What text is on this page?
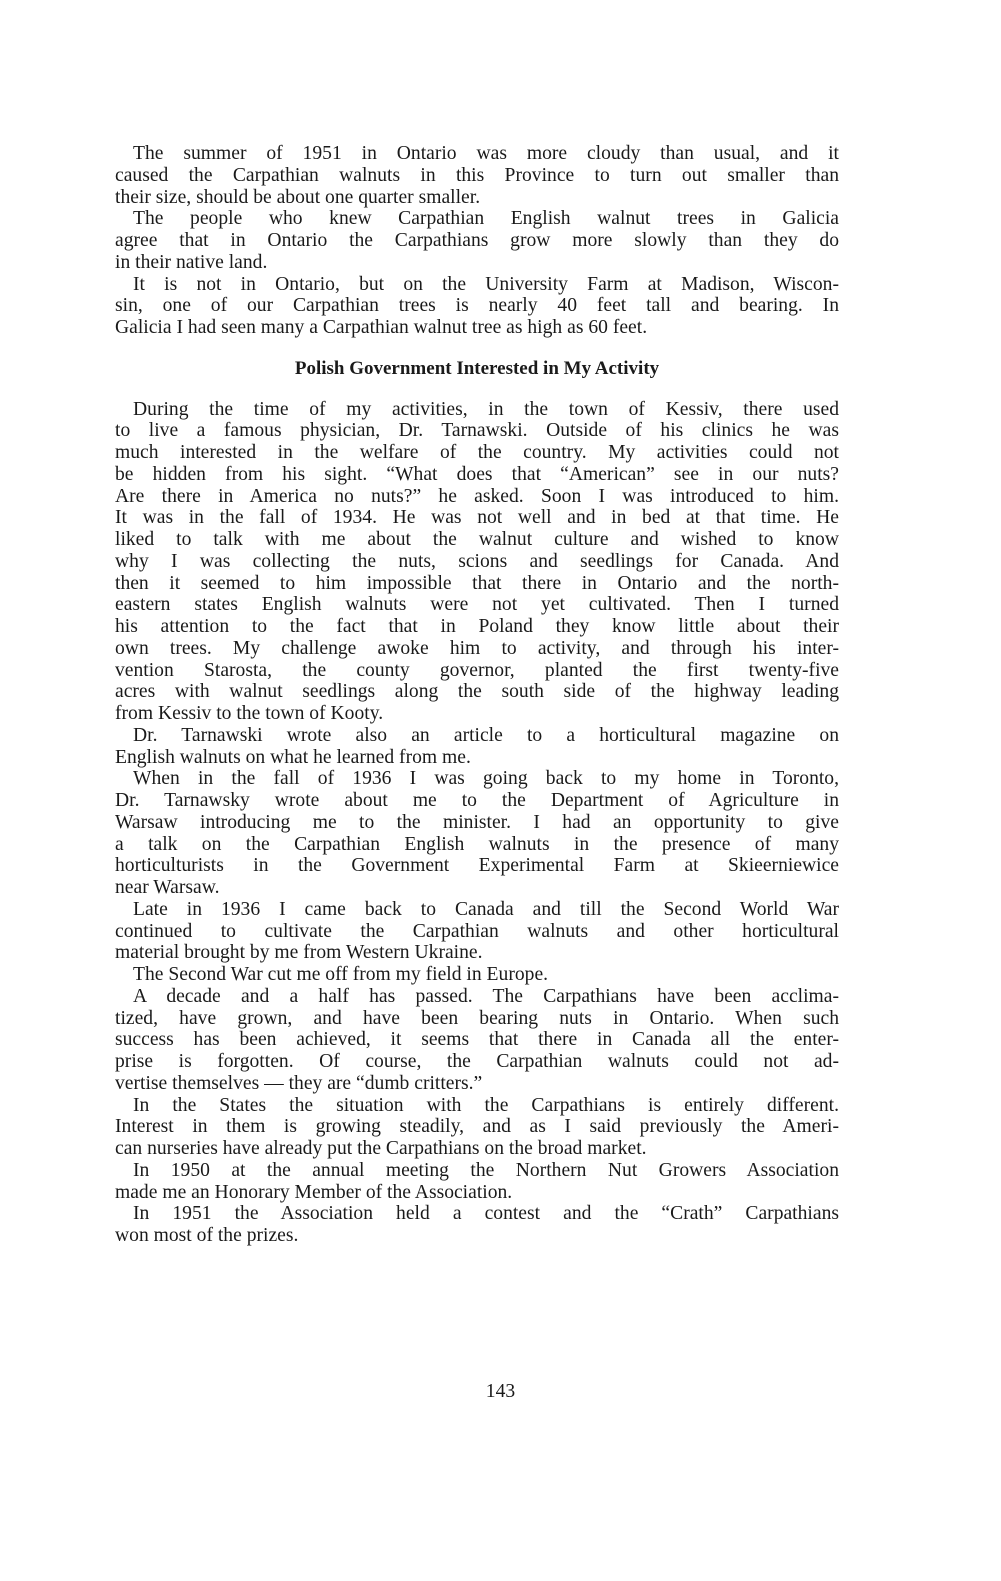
The summer of 1951 in Ontario was more cloudy than usual, and it
caused the Carpathian walnuts in this Province to turn out smaller than
their size, should be about one quarter smaller.
The people who knew Carpathian English walnut trees in Galicia
agree that in Ontario the Carpathians grow more slowly than they do
in their native land.
It is not in Ontario, but on the University Farm at Madison, Wiscon-
sin, one of our Carpathian trees is nearly 40 feet tall and bearing. In
Galicia I had seen many a Carpathian walnut tree as high as 60 feet.
Polish Government Interested in My Activity
During the time of my activities, in the town of Kessiv, there used
to live a famous physician, Dr. Tarnawski. Outside of his clinics he was
much interested in the welfare of the country. My activities could not
be hidden from his sight. “What does that “American” see in our nuts?
Are there in America no nuts?” he asked. Soon I was introduced to him.
It was in the fall of 1934. He was not well and in bed at that time. He
liked to talk with me about the walnut culture and wished to know
why I was collecting the nuts, scions and seedlings for Canada. And
then it seemed to him impossible that there in Ontario and the north-
eastern states English walnuts were not yet cultivated. Then I turned
his attention to the fact that in Poland they know little about their
own trees. My challenge awoke him to activity, and through his inter-
vention Starosta, the county governor, planted the first twenty-five
acres with walnut seedlings along the south side of the highway leading
from Kessiv to the town of Kooty.
Dr. Tarnawski wrote also an article to a horticultural magazine on
English walnuts on what he learned from me.
When in the fall of 1936 I was going back to my home in Toronto,
Dr. Tarnawsky wrote about me to the Department of Agriculture in
Warsaw introducing me to the minister. I had an opportunity to give
a talk on the Carpathian English walnuts in the presence of many
horticulturists in the Government Experimental Farm at Skieerniewice
near Warsaw.
Late in 1936 I came back to Canada and till the Second World War
continued to cultivate the Carpathian walnuts and other horticultural
material brought by me from Western Ukraine.
The Second War cut me off from my field in Europe.
A decade and a half has passed. The Carpathians have been acclima-
tized, have grown, and have been bearing nuts in Ontario. When such
success has been achieved, it seems that there in Canada all the enter-
prise is forgotten. Of course, the Carpathian walnuts could not ad-
vertise themselves — they are “dumb critters.”
In the States the situation with the Carpathians is entirely different.
Interest in them is growing steadily, and as I said previously the Ameri-
can nurseries have already put the Carpathians on the broad market.
In 1950 at the annual meeting the Northern Nut Growers Association
made me an Honorary Member of the Association.
In 1951 the Association held a contest and the “Crath” Carpathians
won most of the prizes.
143
